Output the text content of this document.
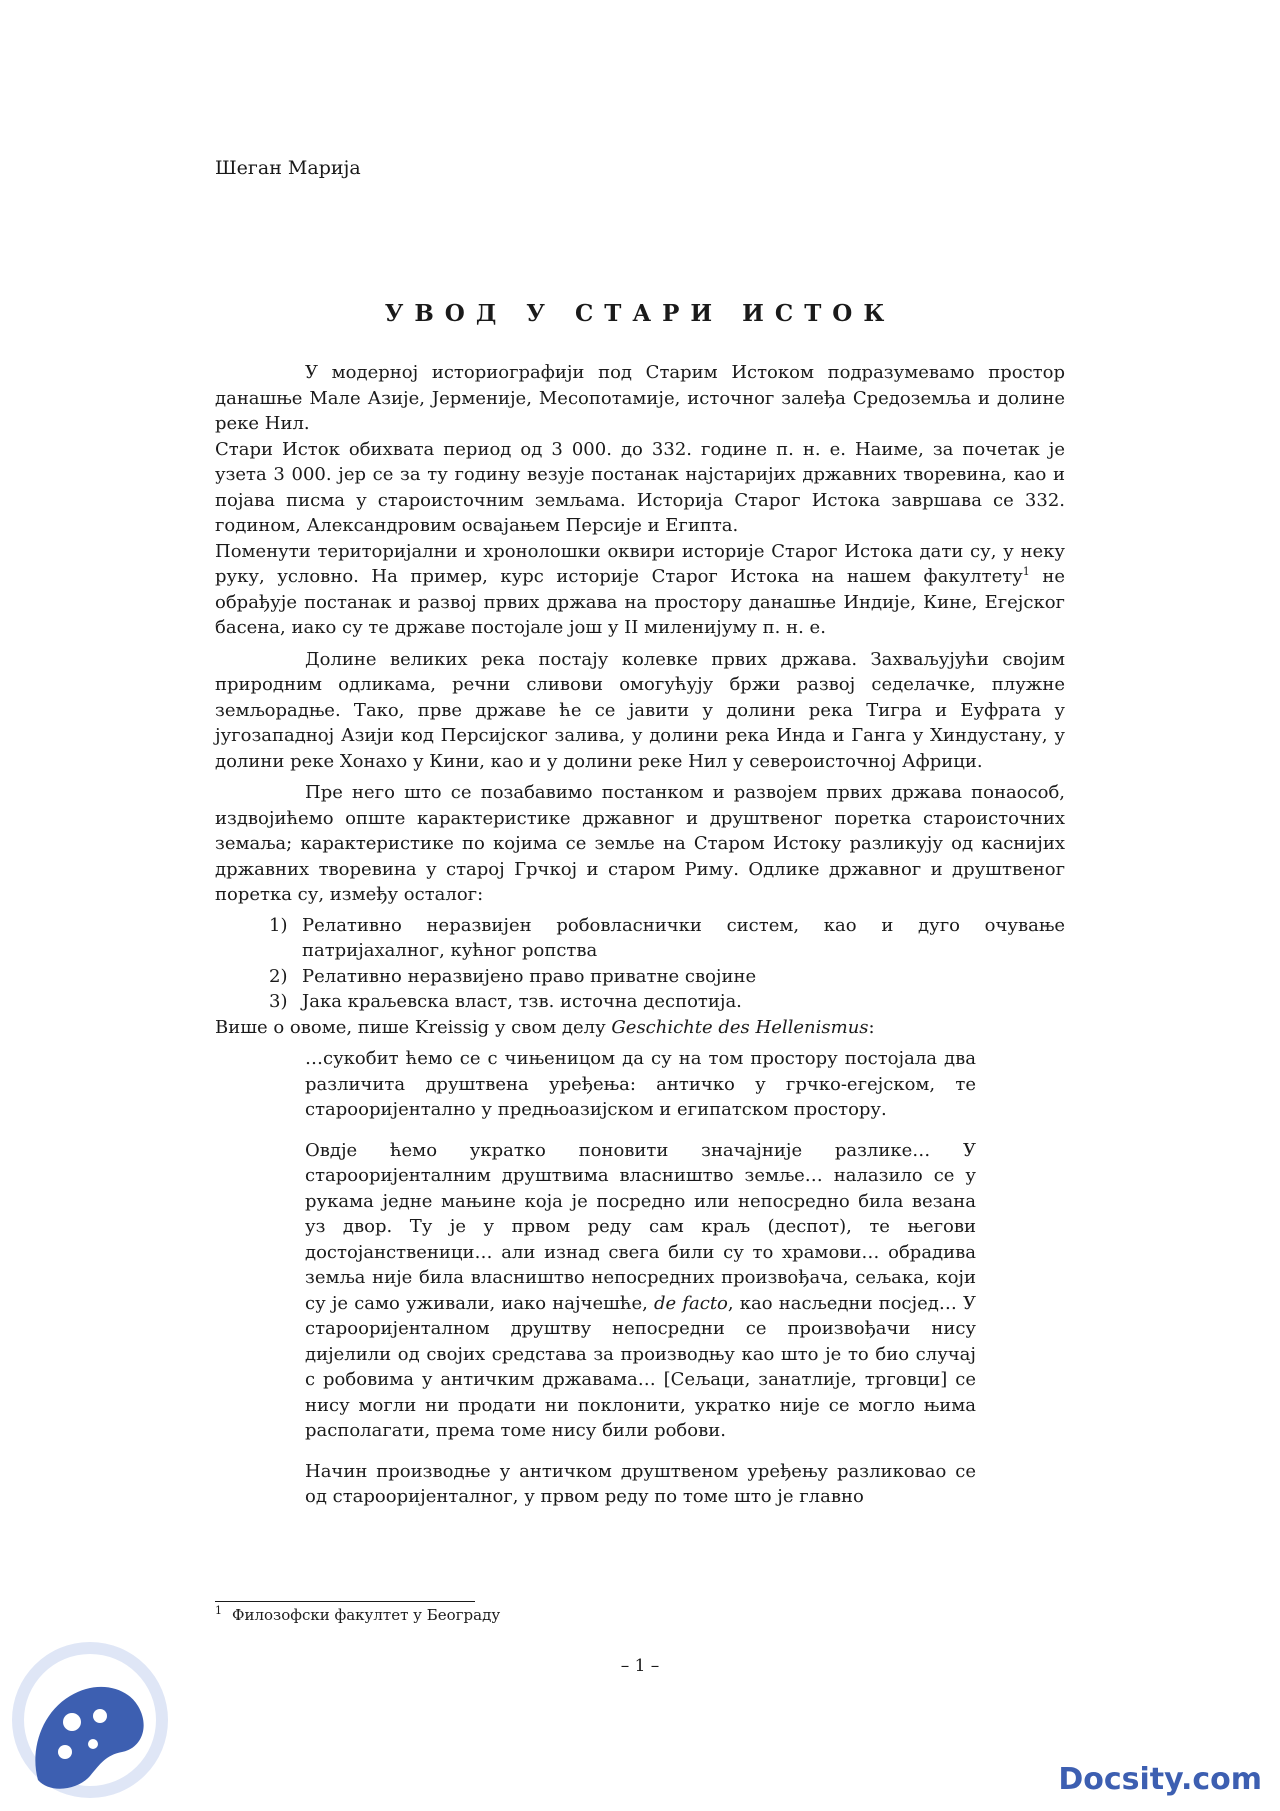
Шеган Марија
УВОД У СТАРИ ИСТОК

У модерној историографији под Старим Истоком подразумевамо простор данашње Мале Азије, Јерменије, Месопотамије, источног залеђа Средоземља и долине реке Нил.

Стари Исток обихвата период од 3 000. до 332. године п. н. е. Наиме, за почетак је узета 3 000. јер се за ту годину везује постанак најстаријих државних творевина, као и појава писма у староисточним земљама. Историја Старог Истока завршава се 332. годином, Александровим освајањем Персије и Египта.

Поменути територијални и хронолошки оквири историје Старог Истока дати су, у неку руку, условно. На пример, курс историје Старог Истока на нашем факултету$^1$ не обрађује постанак и развој првих држава на простору данашње Индије, Кине, Егејског басена, иако су те државе постојале још у II миленијуму п. н. е.

Долине великих река постају колевке првих држава. Захваљујући својим природним одликама, речни сливови омогућују бржи развој седелачке, плужне земљорадње. Тако, прве државе ће се јавити у долини река Тигра и Еуфрата у југозападној Азији код Персијског залива, у долини река Инда и Ганга у Хиндустану, у долини реке Хонахо у Кини, као и у долини реке Нил у североисточној Африци.

Пре него што се позабавимо постанком и развојем првих држава понаособ, издвојићемо опште карактеристике државног и друштвеног поретка староисточних земаља; карактеристике по којима се земље на Старом Истоку разликују од каснијих државних творевина у старој Грчкој и старом Риму. Одлике државног и друштвеног поретка су, између осталог:

1) Релативно неразвијен робовласнички систем, као и дуго очување патријахалног, кућног ропства
2) Релативно неразвијено право приватне својине
3) Јака краљевска власт, тзв. источна деспотија.

Више о овоме, пише Kreissig у свом делу Geschichte des Hellenismus:

…сукобит ћемо се с чињеницом да су на том простору постојала два различита друштвена уређења: античко у грчко-егејском, те старооријентално у предњоазијском и египатском простору.

Овдје ћемо укратко поновити значајније разлике… У старооријенталним друштвима власништво земље… налазило се у рукама једне мањине која је посредно или непосредно била везана уз двор. Ту је у првом реду сам краљ (деспот), те његови достојанственици… али изнад свега били су то храмови… обрадива земља није била власништво непосредних произвођача, сељака, који су је само уживали, иако најчешће, de facto, као насљедни посјед… У старооријенталном друштву непосредни се произвођачи нису дијелили од својих средстава за производњу као што је то био случај с робовима у античким државама… [Сељаци, занатлије, трговци] се нису могли ни продати ни поклонити, укратко није се могло њима располагати, према томе нису били робови.

Начин производње у античком друштвеном уређењу разликовао се од старооријенталног, у првом реду по томе што је главно

$^1$ Филозофски факултет у Београду
– 1 –
Docsity.com
